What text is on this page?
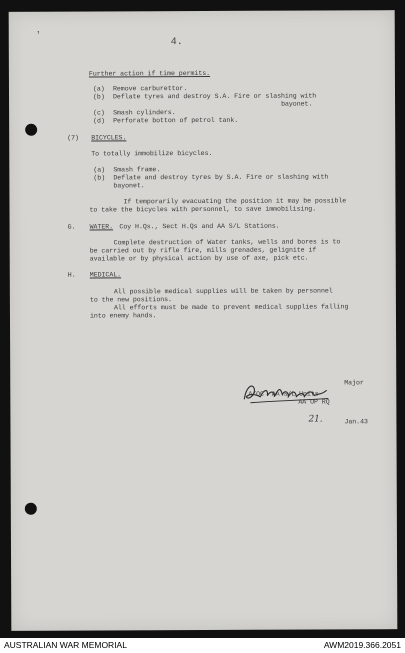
ʼ	4.
Further action if time permits.
(a) Remove carburettor.
(b) Deflate tyres and destroy S.A. Fire or slashing with
bayonet.
(c) Smash cylinders.
(d) Perforate botton of petrol tank.
(7) BICYCLES.
To totally immobilize bicycles.
(a) Smash frame.
(b) Deflate and destroy tyres by S.A. Fire or slashing with
bayonet.
If temporarily evacuating the position it may be possible
to take the bicycles with personnel, to save immobilising.
G. WATER.
Coy H.Qs., Sect H.Qs and AA S/L Stations.
Complete destruction of Water tanks, wells and bores is to
be carried out by rifle fire, mills grenades, gelignite if
available or by physical action by use of axe, pick etc.
H. MEDICAL.
All possible medical supplies will be taken by personnel
to the new positions.
All efforts must be made to prevent medical supplies falling
into enemy hands.
Major
A/OC  AA S/L Units
AA OP RQ
21.	Jan.43
AUSTRALIAN WAR MEMORIAL	AWM2019.366.2051
